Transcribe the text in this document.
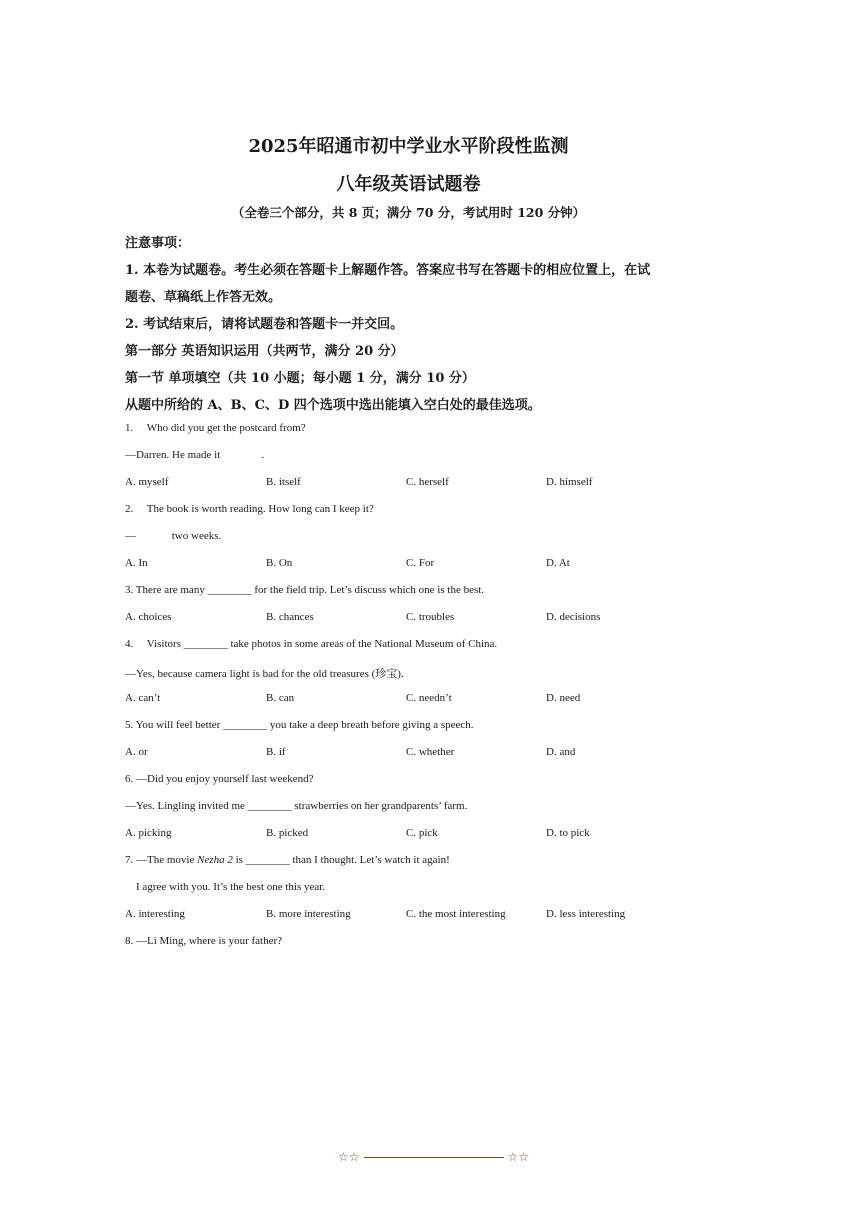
2025年昭通市初中学业水平阶段性监测
八年级英语试题卷
（全卷三个部分，共 8 页；满分 70 分，考试用时 120 分钟）
注意事项：
1. 本卷为试题卷。考生必须在答题卡上解题作答。答案应书写在答题卡的相应位置上，在试
题卷、草稿纸上作答无效。
2. 考试结束后，请将试题卷和答题卡一并交回。
第一部分 英语知识运用（共两节，满分 20 分）
第一节 单项填空（共 10 小题；每小题 1 分，满分 10 分）
从题中所给的 A、B、C、D 四个选项中选出能填入空白处的最佳选项。
1.     Who did you get the postcard from?
—Darren. He made it               .
A. myself	B. itself	C. herself	D. himself
2.     The book is worth reading. How long can I keep it?
—             two weeks.
A. In	B. On	C. For	D. At
3. There are many ________ for the field trip. Let’s discuss which one is the best.
A. choices	B. chances	C. troubles	D. decisions
4.     Visitors ________ take photos in some areas of the National Museum of China.
—Yes, because camera light is bad for the old treasures (珍宝).
A. can’t	B. can	C. needn’t	D. need
5. You will feel better ________ you take a deep breath before giving a speech.
A. or	B. if	C. whether	D. and
6. —Did you enjoy yourself last weekend?
—Yes. Lingling invited me ________ strawberries on her grandparents’ farm.
A. picking	B. picked	C. pick	D. to pick
7. —The movie Nezha 2 is ________ than I thought. Let’s watch it again!
I agree with you. It’s the best one this year.
A. interesting	B. more interesting	C. the most interesting	D. less interesting
8. —Li Ming, where is your father?
☆☆	☆☆
